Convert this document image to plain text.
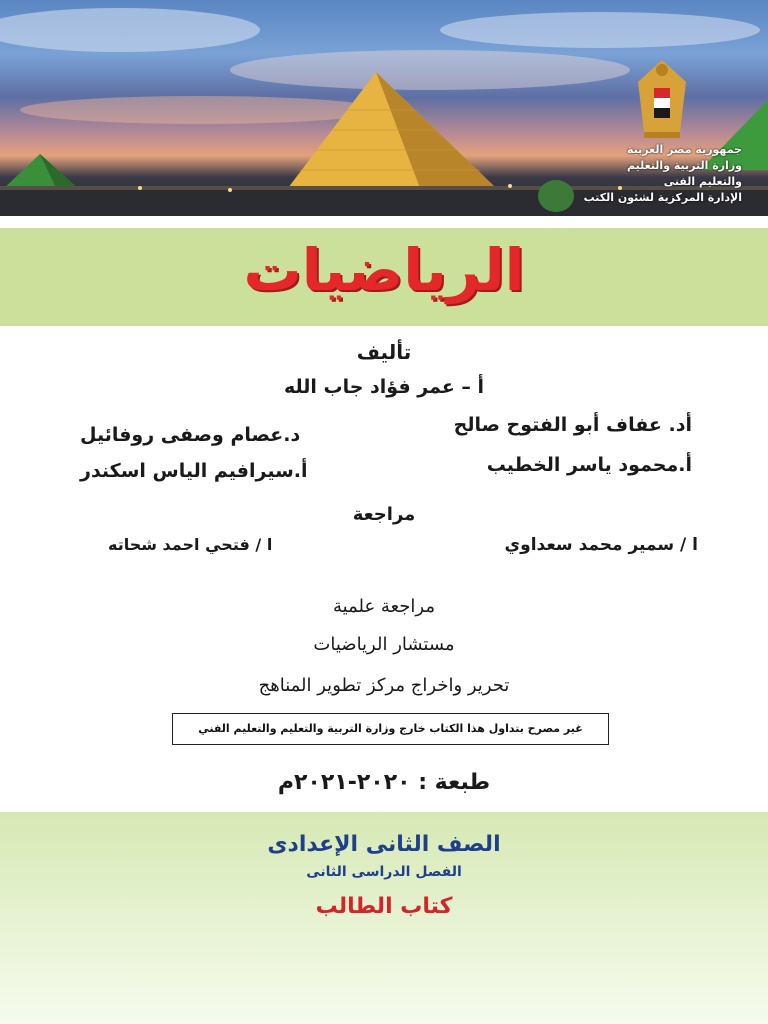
جمهورية مصر العربية
وزارة التربية والتعليم
والتعليم الفنى
الإدارة المركزية لشئون الكتب
الرياضيات
تأليف
أ – عمر فؤاد جاب الله
أد. عفاف أبو الفتوح صالح
أ.محمود ياسر الخطيب
د.عصام وصفى روفائيل
أ.سيرافيم الياس اسكندر
مراجعة
ا / سمير محمد سعداوي
ا / فتحي احمد شحاته
مراجعة علمية
مستشار الرياضيات
تحرير واخراج مركز تطوير المناهج
غير مصرح بتداول هذا الكتاب خارج وزارة التربية والتعليم والتعليم الفني
طبعة : ٢٠٢٠-٢٠٢١م
الصف الثانى الإعدادى
الفصل الدراسى الثانى
كتاب الطالب
